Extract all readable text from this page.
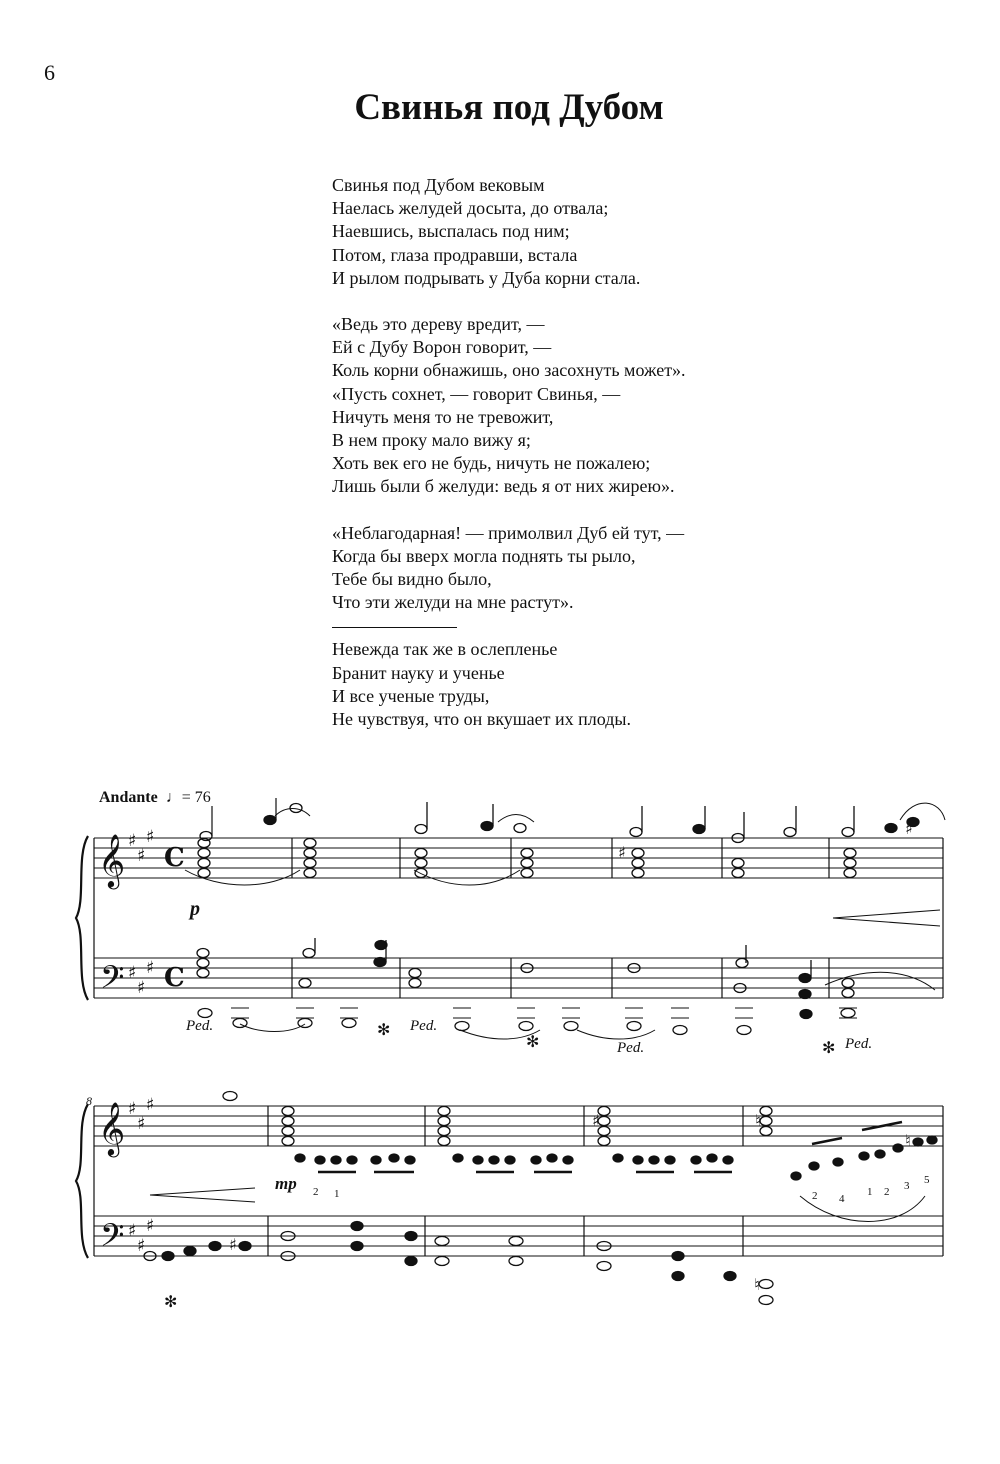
6
Свинья под Дубом
Свинья под Дубом вековым
Наелась желудей досыта, до отвала;
Наевшись, выспалась под ним;
Потом, глаза продравши, встала
И рылом подрывать у Дуба корни стала.
«Ведь это дереву вредит, —
Ей с Дубу Ворон говорит, —
Коль корни обнажишь, оно засохнуть может».
«Пусть сохнет, — говорит Свинья, —
Ничуть меня то не тревожит,
В нем проку мало вижу я;
Хоть век его не будь, ничуть не пожалею;
Лишь были б желуди: ведь я от них жирею».
«Неблагодарная! — примолвил Дуб ей тут, —
Когда бы вверх могла поднять ты рыло,
Тебе бы видно было,
Что эти желуди на мне растут».
Невежда так же в ослепленье
Бранит науку и ученье
И все ученые труды,
Не чувствуя, что он вкушает их плоды.
Andante  ♩= 76
8
p
mp
Ped.	✻ Ped.
✻	Ped.	✻ Ped.
✻
2 1	2 4
1 2 3 5
𝄞
𝄢
𝄞
𝄢
♯
♯
♯
♯
♯
♯
♯
♯
♯
♯
♯
♯
C
C
♯
♯
♯	♮
♯
♮
♮
